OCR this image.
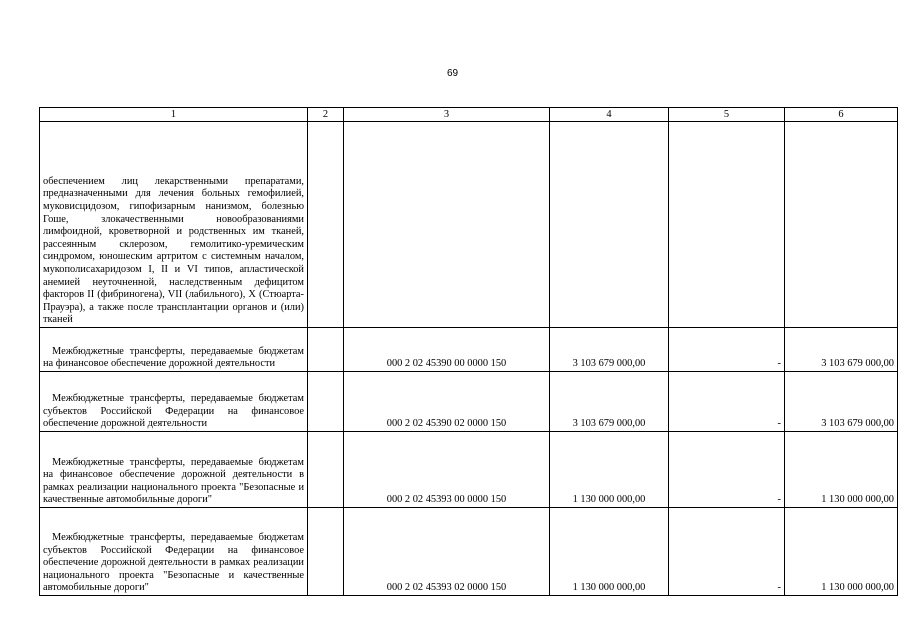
69
1	2	3	4	5	6
обеспечением лиц лекарственными препаратами, предназначенными для лечения больных гемофилией, муковисцидозом, гипофизарным нанизмом, болезнью Гоше, злокачественными новообразованиями лимфоидной, кроветворной и родственных им тканей, рассеянным склерозом, гемолитико-уремическим синдромом, юношеским артритом с системным началом, мукополисахаридозом I, II и VI типов, апластической анемией неуточненной, наследственным дефицитом факторов II (фибриногена), VII (лабильного), X (Стюарта-Прауэра), а также после трансплантации органов и (или) тканей					
Межбюджетные трансферты, передаваемые бюджетам на финансовое обеспечение дорожной деятельности		000 2 02 45390 00 0000 150	3 103 679 000,00	-	3 103 679 000,00
Межбюджетные трансферты, передаваемые бюджетам субъектов Российской Федерации на финансовое обеспечение дорожной деятельности		000 2 02 45390 02 0000 150	3 103 679 000,00	-	3 103 679 000,00
Межбюджетные трансферты, передаваемые бюджетам на финансовое обеспечение дорожной деятельности в рамках реализации национального проекта "Безопасные и качественные автомобильные дороги"		000 2 02 45393 00 0000 150	1 130 000 000,00	-	1 130 000 000,00
Межбюджетные трансферты, передаваемые бюджетам субъектов Российской Федерации на финансовое обеспечение дорожной деятельности в рамках реализации национального проекта "Безопасные и качественные автомобильные дороги"		000 2 02 45393 02 0000 150	1 130 000 000,00	-	1 130 000 000,00
